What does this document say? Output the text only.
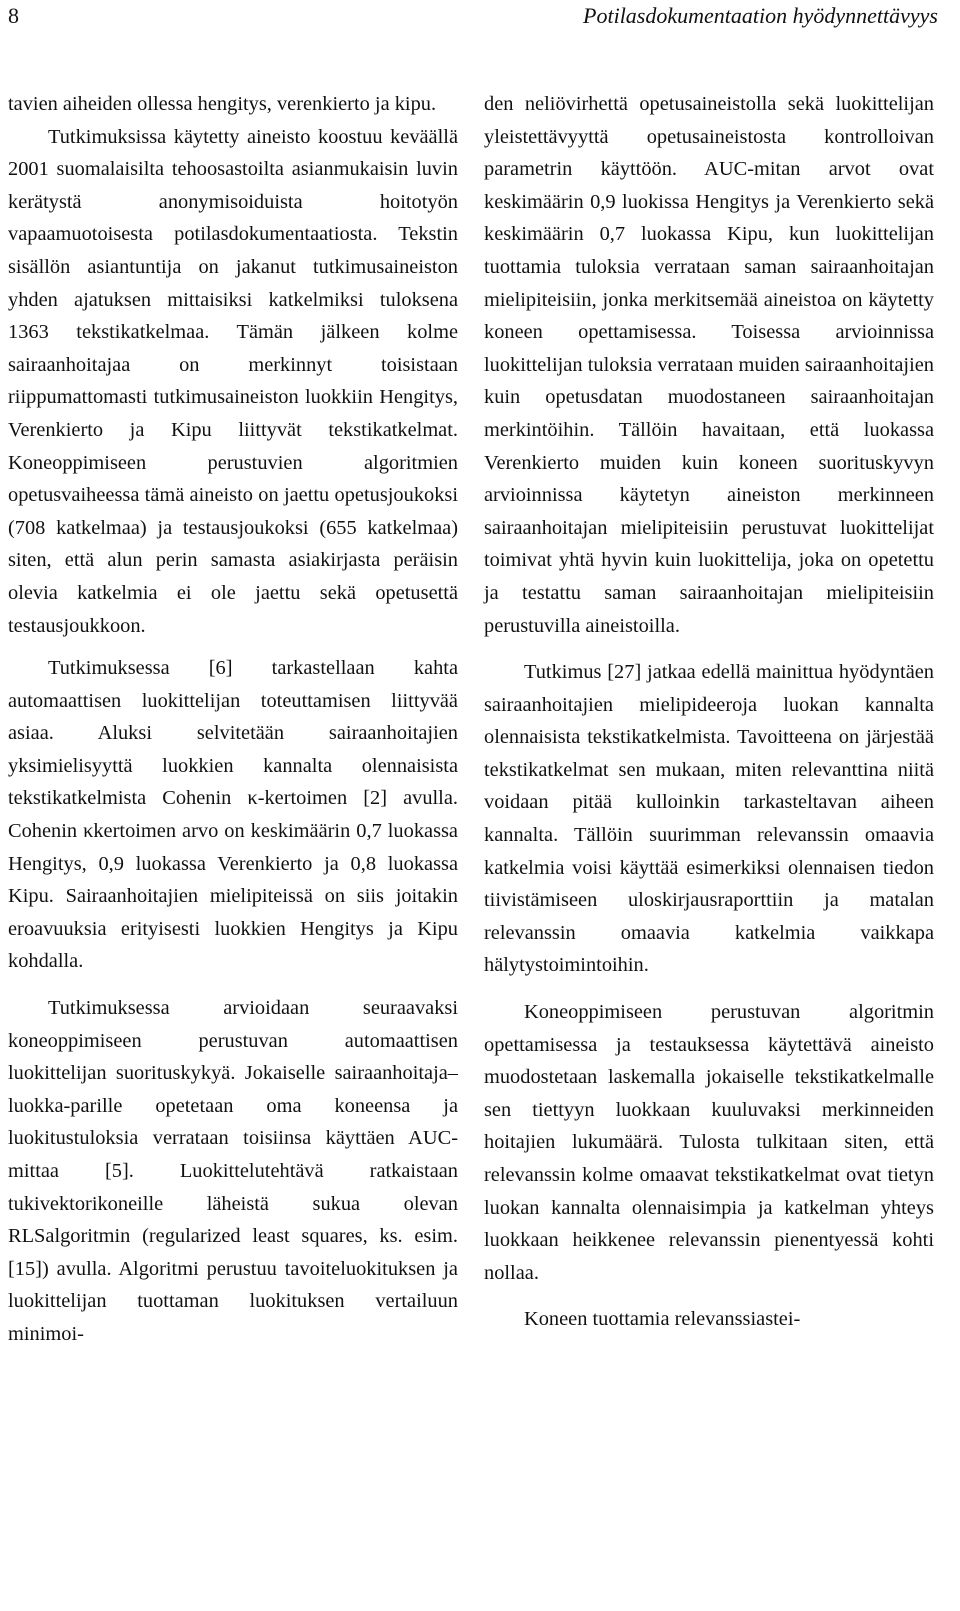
8	Potilasdokumentaation hyödynnettävyys

tavien aiheiden ollessa hengitys, verenkierto ja kipu.

Tutkimuksissa käytetty aineisto koostuu keväällä 2001 suomalaisilta tehoosastoilta asianmukaisin luvin kerätystä anonymisoiduista hoitotyön vapaamuotoisesta potilasdokumentaatiosta. Tekstin sisällön asiantuntija on jakanut tutkimusaineiston yhden ajatuksen mittaisiksi katkelmiksi tuloksena 1363 tekstikatkelmaa. Tämän jälkeen kolme sairaanhoitajaa on merkinnyt toisistaan riippumattomasti tutkimusaineiston luokkiin Hengitys, Verenkierto ja Kipu liittyvät tekstikatkelmat. Koneoppimiseen perustuvien algoritmien opetusvaiheessa tämä aineisto on jaettu opetusjoukoksi (708 katkelmaa) ja testausjoukoksi (655 katkelmaa) siten, että alun perin samasta asiakirjasta peräisin olevia katkelmia ei ole jaettu sekä opetusettä testausjoukkoon.

Tutkimuksessa [6] tarkastellaan kahta automaattisen luokittelijan toteuttamisen liittyvää asiaa. Aluksi selvitetään sairaanhoitajien yksimielisyyttä luokkien kannalta olennaisista tekstikatkelmista Cohenin κ-kertoimen [2] avulla. Cohenin κkertoimen arvo on keskimäärin 0,7 luokassa Hengitys, 0,9 luokassa Verenkierto ja 0,8 luokassa Kipu. Sairaanhoitajien mielipiteissä on siis joitakin eroavuuksia erityisesti luokkien Hengitys ja Kipu kohdalla.

Tutkimuksessa arvioidaan seuraavaksi koneoppimiseen perustuvan automaattisen luokittelijan suorituskykyä. Jokaiselle sairaanhoitaja–luokka-parille opetetaan oma koneensa ja luokitustuloksia verrataan toisiinsa käyttäen AUC-mittaa [5]. Luokittelutehtävä ratkaistaan tukivektorikoneille läheistä sukua olevan RLSalgoritmin (regularized least squares, ks. esim. [15]) avulla. Algoritmi perustuu tavoiteluokituksen ja luokittelijan tuottaman luokituksen vertailuun minimoi-

den neliövirhettä opetusaineistolla sekä luokittelijan yleistettävyyttä opetusaineistosta kontrolloivan parametrin käyttöön. AUC-mitan arvot ovat keskimäärin 0,9 luokissa Hengitys ja Verenkierto sekä keskimäärin 0,7 luokassa Kipu, kun luokittelijan tuottamia tuloksia verrataan saman sairaanhoitajan mielipiteisiin, jonka merkitsemää aineistoa on käytetty koneen opettamisessa. Toisessa arvioinnissa luokittelijan tuloksia verrataan muiden sairaanhoitajien kuin opetusdatan muodostaneen sairaanhoitajan merkintöihin. Tällöin havaitaan, että luokassa Verenkierto muiden kuin koneen suorituskyvyn arvioinnissa käytetyn aineiston merkinneen sairaanhoitajan mielipiteisiin perustuvat luokittelijat toimivat yhtä hyvin kuin luokittelija, joka on opetettu ja testattu saman sairaanhoitajan mielipiteisiin perustuvilla aineistoilla.

Tutkimus [27] jatkaa edellä mainittua hyödyntäen sairaanhoitajien mielipideeroja luokan kannalta olennaisista tekstikatkelmista. Tavoitteena on järjestää tekstikatkelmat sen mukaan, miten relevanttina niitä voidaan pitää kulloinkin tarkasteltavan aiheen kannalta. Tällöin suurimman relevanssin omaavia katkelmia voisi käyttää esimerkiksi olennaisen tiedon tiivistämiseen uloskirjausraporttiin ja matalan relevanssin omaavia katkelmia vaikkapa hälytystoimintoihin.

Koneoppimiseen perustuvan algoritmin opettamisessa ja testauksessa käytettävä aineisto muodostetaan laskemalla jokaiselle tekstikatkelmalle sen tiettyyn luokkaan kuuluvaksi merkinneiden hoitajien lukumäärä. Tulosta tulkitaan siten, että relevanssin kolme omaavat tekstikatkelmat ovat tietyn luokan kannalta olennaisimpia ja katkelman yhteys luokkaan heikkenee relevanssin pienentyessä kohti nollaa.

Koneen tuottamia relevanssiastei-
